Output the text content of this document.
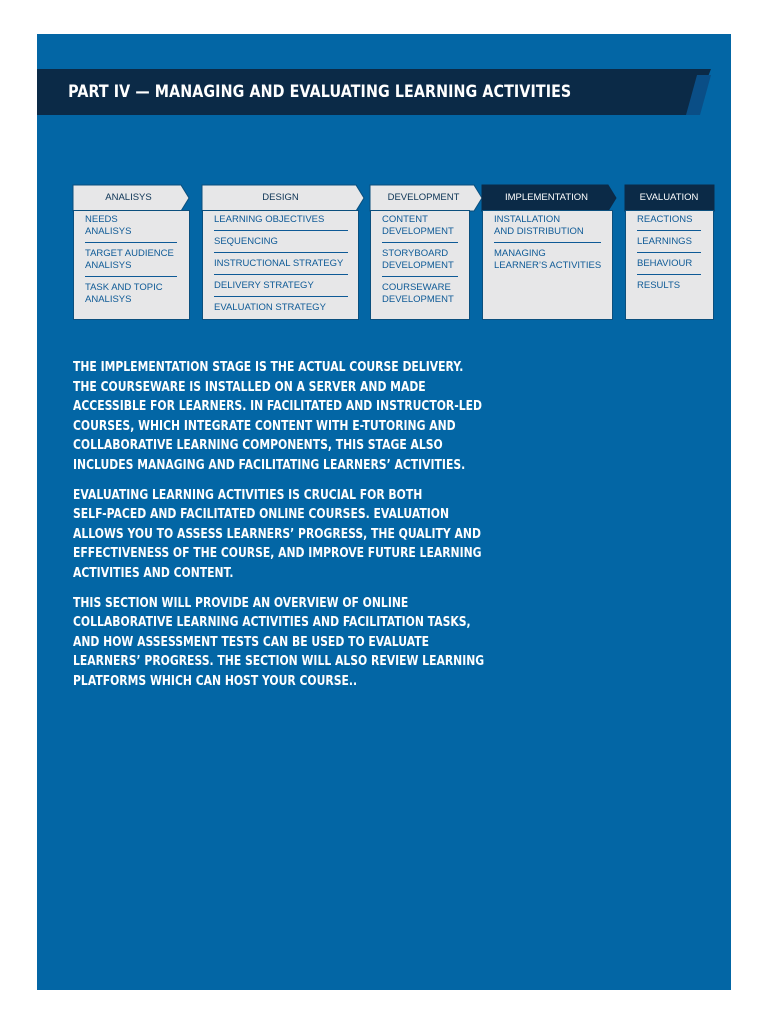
PART IV — MANAGING AND EVALUATING LEARNING ACTIVITIES
ANALISYS
NEEDS
ANALISYS
TARGET AUDIENCE
ANALISYS
TASK AND TOPIC
ANALISYS
DESIGN
LEARNING OBJECTIVES
SEQUENCING
INSTRUCTIONAL STRATEGY
DELIVERY STRATEGY
EVALUATION STRATEGY
DEVELOPMENT
CONTENT
DEVELOPMENT
STORYBOARD
DEVELOPMENT
COURSEWARE
DEVELOPMENT
IMPLEMENTATION
INSTALLATION
AND DISTRIBUTION
MANAGING
LEARNER’S ACTIVITIES
EVALUATION
REACTIONS
LEARNINGS
BEHAVIOUR
RESULTS
THE IMPLEMENTATION STAGE IS THE ACTUAL COURSE DELIVERY.
THE COURSEWARE IS INSTALLED ON A SERVER AND MADE
ACCESSIBLE FOR LEARNERS. IN FACILITATED AND INSTRUCTOR-LED
COURSES, WHICH INTEGRATE CONTENT WITH E-TUTORING AND
COLLABORATIVE LEARNING COMPONENTS, THIS STAGE ALSO
INCLUDES MANAGING AND FACILITATING LEARNERS’ ACTIVITIES.
EVALUATING LEARNING ACTIVITIES IS CRUCIAL FOR BOTH
SELF-PACED AND FACILITATED ONLINE COURSES. EVALUATION
ALLOWS YOU TO ASSESS LEARNERS’ PROGRESS, THE QUALITY AND
EFFECTIVENESS OF THE COURSE, AND IMPROVE FUTURE LEARNING
ACTIVITIES AND CONTENT.
THIS SECTION WILL PROVIDE AN OVERVIEW OF ONLINE
COLLABORATIVE LEARNING ACTIVITIES AND FACILITATION TASKS,
AND HOW ASSESSMENT TESTS CAN BE USED TO EVALUATE
LEARNERS’ PROGRESS. THE SECTION WILL ALSO REVIEW LEARNING
PLATFORMS WHICH CAN HOST YOUR COURSE..
